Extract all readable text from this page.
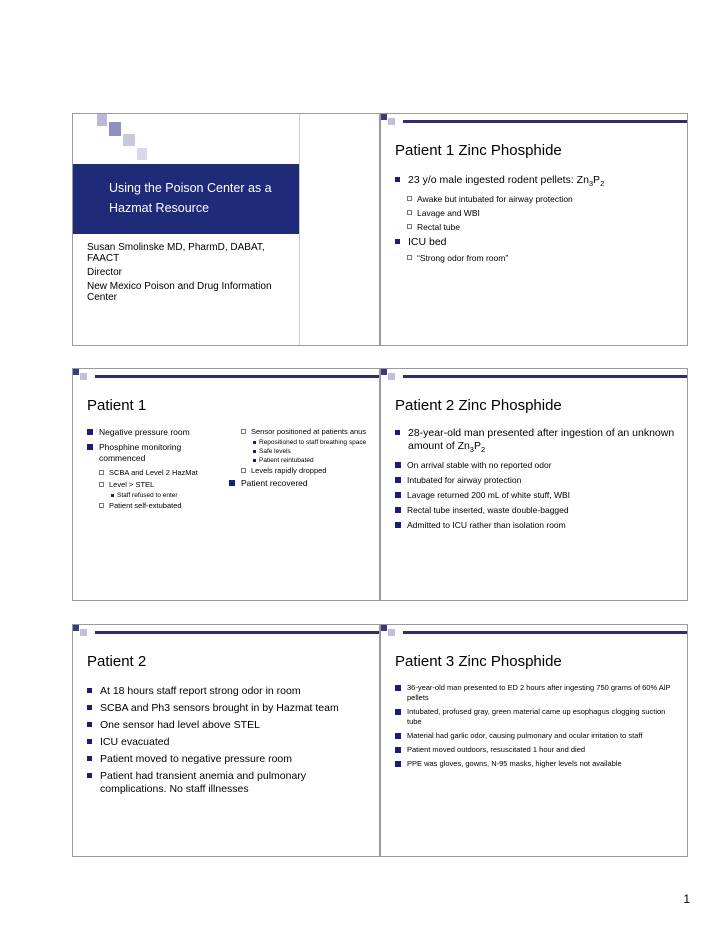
Using the Poison Center as a
Hazmat Resource
Susan Smolinske MD, PharmD, DABAT, FAACT
Director
New Mexico Poison and Drug Information Center
Patient 1 Zinc Phosphide
23 y/o male ingested rodent pellets: $Zn_3P_2$
Awake but intubated for airway protection
Lavage and WBI
Rectal tube
ICU bed
“Strong odor from room”
Patient 1
Negative pressure room
Phosphine monitoring commenced
SCBA and Level 2 HazMat
Level > STEL
Staff refused to enter
Patient self-extubated
Sensor positioned at patients anus
Repositioned to staff breathing space
Safe levels
Patient reintubated
Levels rapidly dropped
Patient recovered
Patient 2 Zinc Phosphide
28-year-old man presented after ingestion of an unknown amount of $Zn_3P_2$
On arrival stable with no reported odor
Intubated for airway protection
Lavage returned 200 mL of white stuff, WBI
Rectal tube inserted, waste double-bagged
Admitted to ICU rather than isolation room
Patient 2
At 18 hours staff report strong odor in room
SCBA and Ph3 sensors brought in by Hazmat team
One sensor had level above STEL
ICU evacuated
Patient moved to negative pressure room
Patient had transient anemia and pulmonary complications. No staff illnesses
Patient 3 Zinc Phosphide
36-year-old man presented to ED 2 hours after ingesting 750 grams of 60% AlP pellets
Intubated, profused gray, green material came up esophagus clogging suction tube
Material had garlic odor, causing pulmonary and ocular irritation to staff
Patient moved outdoors, resuscitated 1 hour and died
PPE was gloves, gowns, N-95 masks, higher levels not available
1
